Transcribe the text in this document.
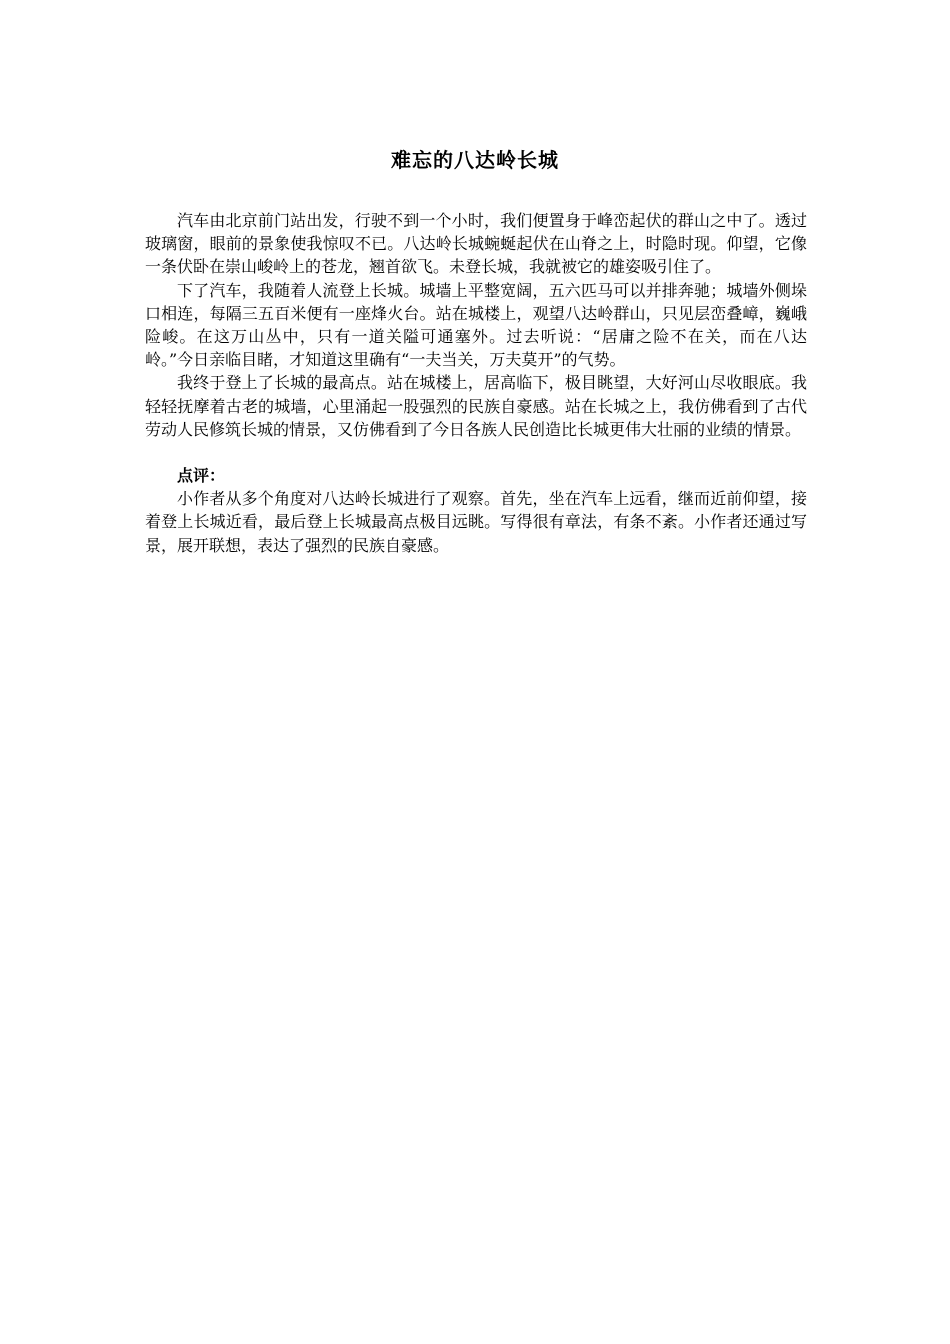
难忘的八达岭长城

汽车由北京前门站出发，行驶不到一个小时，我们便置身于峰峦起伏的群山之中了。透过玻璃窗，眼前的景象使我惊叹不已。八达岭长城蜿蜒起伏在山脊之上，时隐时现。仰望，它像一条伏卧在崇山峻岭上的苍龙，翘首欲飞。未登长城，我就被它的雄姿吸引住了。

下了汽车，我随着人流登上长城。城墙上平整宽阔，五六匹马可以并排奔驰；城墙外侧垛口相连，每隔三五百米便有一座烽火台。站在城楼上，观望八达岭群山，只见层峦叠嶂，巍峨险峻。在这万山丛中，只有一道关隘可通塞外。过去听说：“居庸之险不在关，而在八达岭。”今日亲临目睹，才知道这里确有“一夫当关，万夫莫开”的气势。

我终于登上了长城的最高点。站在城楼上，居高临下，极目眺望，大好河山尽收眼底。我轻轻抚摩着古老的城墙，心里涌起一股强烈的民族自豪感。站在长城之上，我仿佛看到了古代劳动人民修筑长城的情景，又仿佛看到了今日各族人民创造比长城更伟大壮丽的业绩的情景。

点评：

小作者从多个角度对八达岭长城进行了观察。首先，坐在汽车上远看，继而近前仰望，接着登上长城近看，最后登上长城最高点极目远眺。写得很有章法，有条不紊。小作者还通过写景，展开联想，表达了强烈的民族自豪感。
